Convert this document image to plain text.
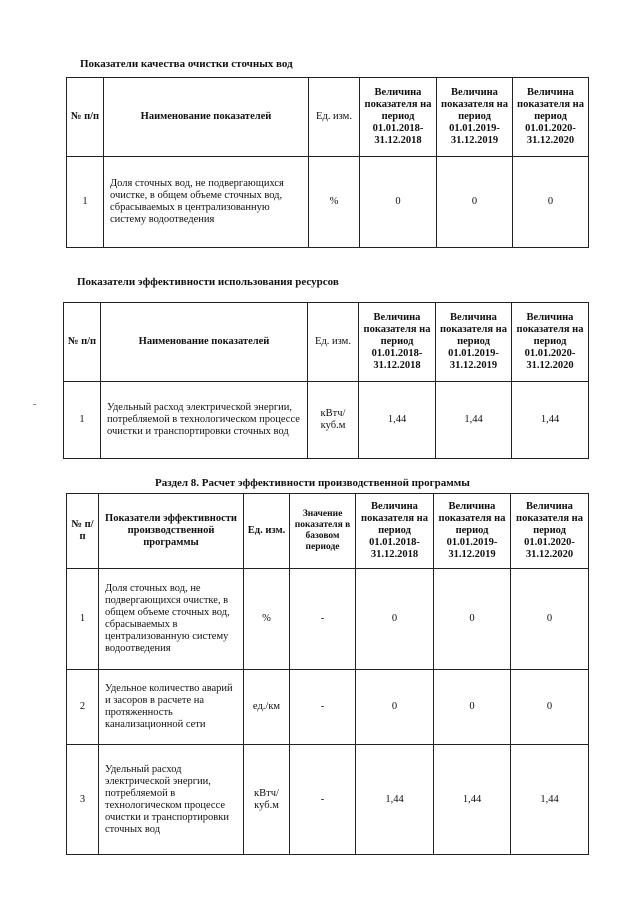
Показатели качества очистки сточных вод
№ п/п	Наименование показателей	Ед. изм.	Величина показателя на период 01.01.2018-31.12.2018	Величина показателя на период 01.01.2019-31.12.2019	Величина показателя на период 01.01.2020-31.12.2020
1	Доля сточных вод, не подвергающихся очистке, в общем объеме сточных вод, сбрасываемых в централизованную систему водоотведения	%	0	0	0
Показатели эффективности использования ресурсов
№ п/п	Наименование показателей	Ед. изм.	Величина показателя на период 01.01.2018-31.12.2018	Величина показателя на период 01.01.2019-31.12.2019	Величина показателя на период 01.01.2020-31.12.2020
1	Удельный расход электрической энергии, потребляемой в технологическом процессе очистки и транспортировки сточных вод	кВтч/ куб.м	1,44	1,44	1,44
Раздел 8. Расчет эффективности производственной программы
№ п/п	Показатели эффективности производственной программы	Ед. изм.	Значение показателя в базовом периоде	Величина показателя на период 01.01.2018-31.12.2018	Величина показателя на период 01.01.2019-31.12.2019	Величина показателя на период 01.01.2020-31.12.2020
1	Доля сточных вод, не подвергающихся очистке, в общем объеме сточных вод, сбрасываемых в централизованную систему водоотведения	%	-	0	0	0
2	Удельное количество аварий и засоров в расчете на протяженность канализационной сети	ед./км	-	0	0	0
3	Удельный расход электрической энергии, потребляемой в технологическом процессе очистки и транспортировки сточных вод	кВтч/ куб.м	-	1,44	1,44	1,44
